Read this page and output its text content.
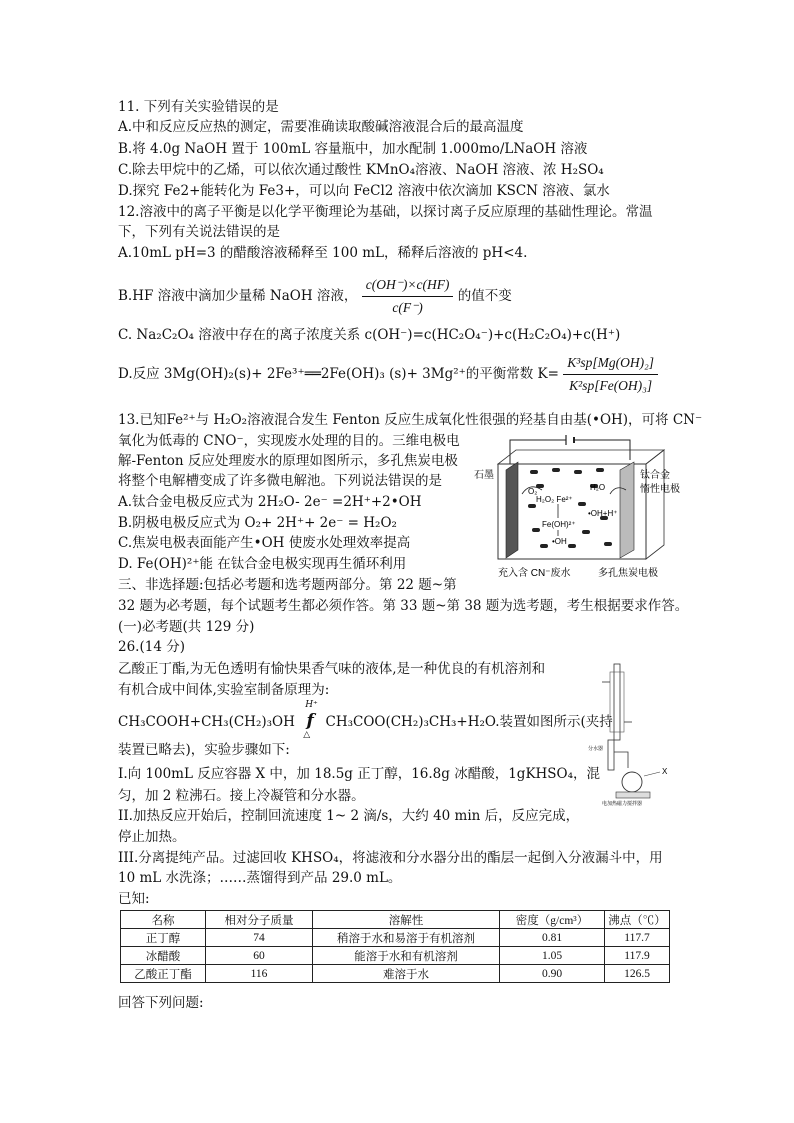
11. 下列有关实验错误的是
A.中和反应反应热的测定，需要准确读取酸碱溶液混合后的最高温度
B.将 4.0g NaOH 置于 100mL 容量瓶中，加水配制 1.000mo/LNaOH 溶液
C.除去甲烷中的乙烯，可以依次通过酸性 KMnO₄溶液、NaOH 溶液、浓 H₂SO₄
D.探究 Fe2+能转化为 Fe3+，可以向 FeCl2 溶液中依次滴加 KSCN 溶液、氯水
12.溶液中的离子平衡是以化学平衡理论为基础，以探讨离子反应原理的基础性理论。常温
下，下列有关说法错误的是
A.10mL pH=3 的醋酸溶液稀释至 100 mL，稀释后溶液的 pH<4.
B.HF 溶液中滴加少量稀 NaOH 溶液， $\frac{c(OH^-)\times c(HF)}{c(F^-)}$ 的值不变
C. Na₂C₂O₄ 溶液中存在的离子浓度关系 c(OH⁻)=c(HC₂O₄⁻)+c(H₂C₂O₄)+c(H⁺)
D.反应 3Mg(OH)₂(s)+ 2Fe³⁺══2Fe(OH)₃ (s)+ 3Mg²⁺的平衡常数 $K= \frac{\text{K³sp[Mg(OH)₂]}}{\text{K²sp[Fe(OH)₃]}}$
13.已知Fe²⁺与 H₂O₂溶液混合发生 Fenton 反应生成氧化性很强的羟基自由基(•OH)，可将 CN⁻
氧化为低毒的 CNO⁻，实现废水处理的目的。三维电极电
解-Fenton 反应处理废水的原理如图所示，多孔焦炭电极
将整个电解槽变成了许多微电解池。下列说法错误的是
A.钛合金电极反应式为 2H₂O- 2e⁻ =2H⁺+2•OH
B.阴极电极反应式为 O₂+ 2H⁺+ 2e⁻ = H₂O₂
C.焦炭电极表面能产生•OH 使废水处理效率提高
D. Fe(OH)²⁺能 在钛合金电极实现再生循环利用
O₂
H₂O₂ Fe²⁺
H₂O
Fe(OH)²⁺
•OH
•OH+H⁺
石墨	钛合金
惰性电极
充入含 CN⁻废水	多孔焦炭电极
三、非选择题:包括必考题和选考题两部分。第 22 题~第
32 题为必考题，每个试题考生都必须作答。第 33 题~第 38 题为选考题，考生根据要求作答。
(一)必考题(共 129 分)
26.(14 分)
乙酸正丁酯,为无色透明有愉快果香气味的液体,是一种优良的有机溶剂和
有机合成中间体,实验室制备原理为:
CH₃COOH+CH₃(CH₂)₃OH
H⁺
f
△
CH₃COO(CH₂)₃CH₃+H₂O.装置如图所示(夹持
装置已略去)，实验步骤如下:
I.向 100mL 反应容器 X 中，加 18.5g 正丁醇，16.8g 冰醋酸，1gKHSO₄，混
匀，加 2 粒沸石。接上冷凝管和分水器。
II.加热反应开始后，控制回流速度 1~ 2 滴/s，大约 40 min 后，反应完成，
停止加热。
III.分离提纯产品。过滤回收 KHSO₄，将滤液和分水器分出的酯层一起倒入分液漏斗中，用
10 mL 水洗涤；……蒸馏得到产品 29.0 mL。
已知:
X
分水器
电加热磁力搅拌器
名称	相对分子质量	溶解性	密度（g/cm³）	沸点（℃）
正丁醇	74	稍溶于水和易溶于有机溶剂	0.81	117.7
冰醋酸	60	能溶于水和有机溶剂	1.05	117.9
乙酸正丁酯	116	难溶于水	0.90	126.5
回答下列问题:
